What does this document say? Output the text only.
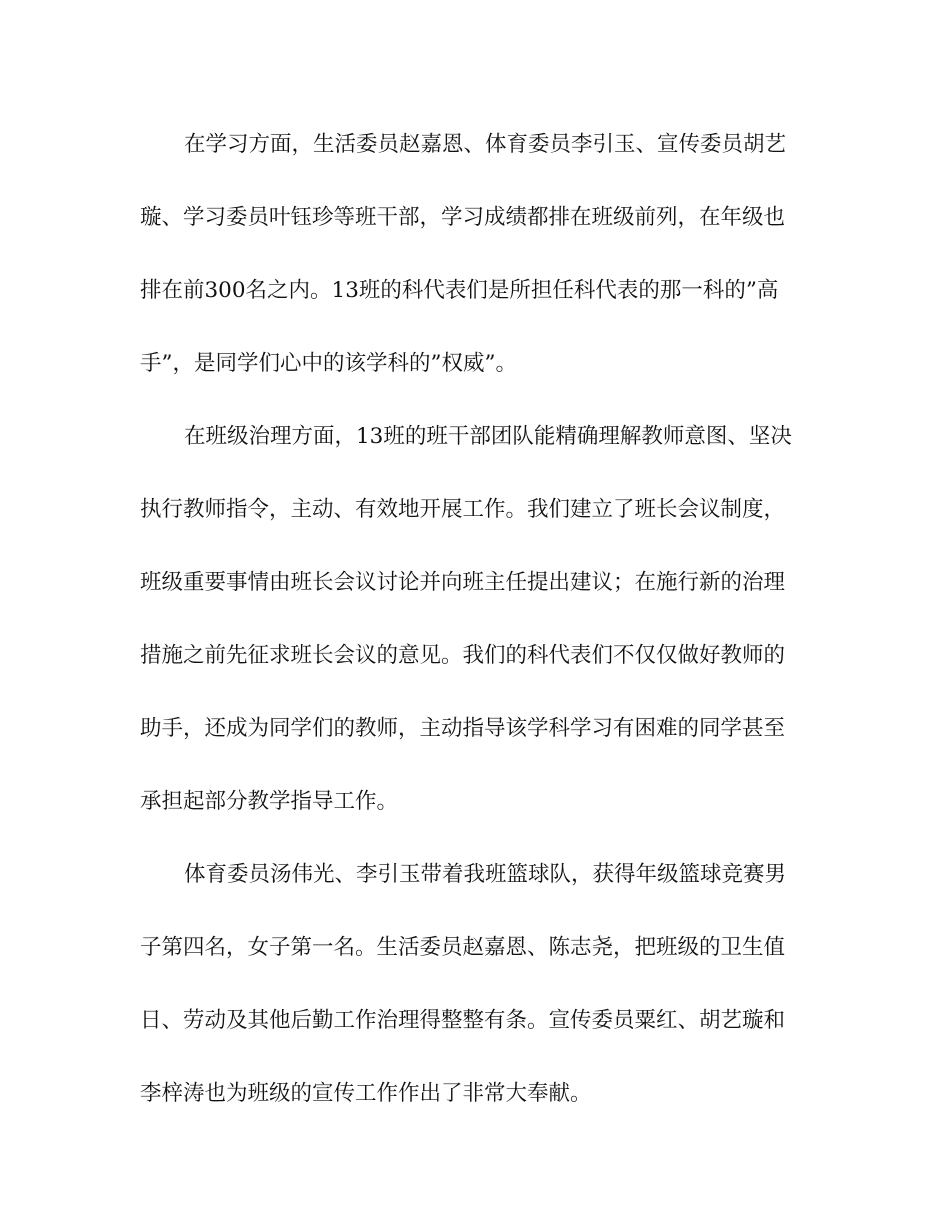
在学习方面，生活委员赵嘉恩、体育委员李引玉、宣传委员胡艺
璇、学习委员叶钰珍等班干部，学习成绩都排在班级前列，在年级也
排在前300名之内。13班的科代表们是所担任科代表的那一科的”高
手”，是同学们心中的该学科的”权威”。
在班级治理方面，13班的班干部团队能精确理解教师意图、坚决
执行教师指令，主动、有效地开展工作。我们建立了班长会议制度，
班级重要事情由班长会议讨论并向班主任提出建议；在施行新的治理
措施之前先征求班长会议的意见。我们的科代表们不仅仅做好教师的
助手，还成为同学们的教师，主动指导该学科学习有困难的同学甚至
承担起部分教学指导工作。
体育委员汤伟光、李引玉带着我班篮球队，获得年级篮球竞赛男
子第四名，女子第一名。生活委员赵嘉恩、陈志尧，把班级的卫生值
日、劳动及其他后勤工作治理得整整有条。宣传委员粟红、胡艺璇和
李梓涛也为班级的宣传工作作出了非常大奉献。
